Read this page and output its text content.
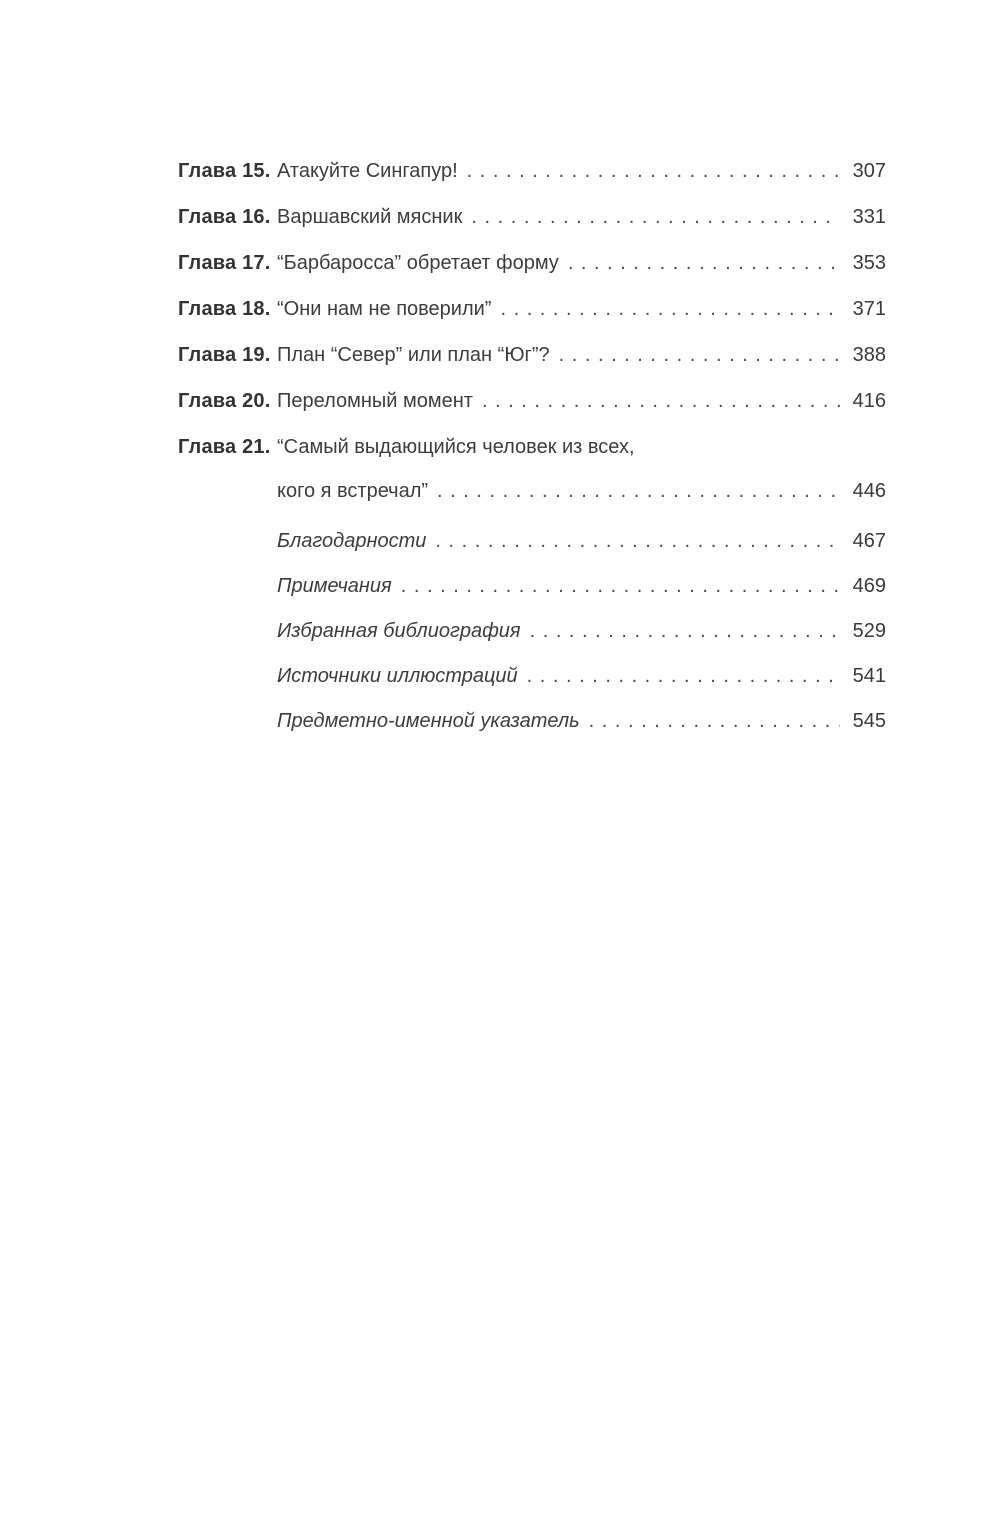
Глава 15. Атакуйте Сингапур! . . .	307
Глава 16. Варшавский мясник . . .	331
Глава 17. “Барбаросса” обретает форму . . .	353
Глава 18. “Они нам не поверили” . . .	371
Глава 19. План “Север” или план “Юг”? . . .	388
Глава 20. Переломный момент . . .	416
Глава 21. “Самый выдающийся человек из всех,
кого я встречал” . . .	446
Благодарности . . .	467
Примечания . . .	469
Избранная библиография . . .	529
Источники иллюстраций . . .	541
Предметно-именной указатель . . .	545
